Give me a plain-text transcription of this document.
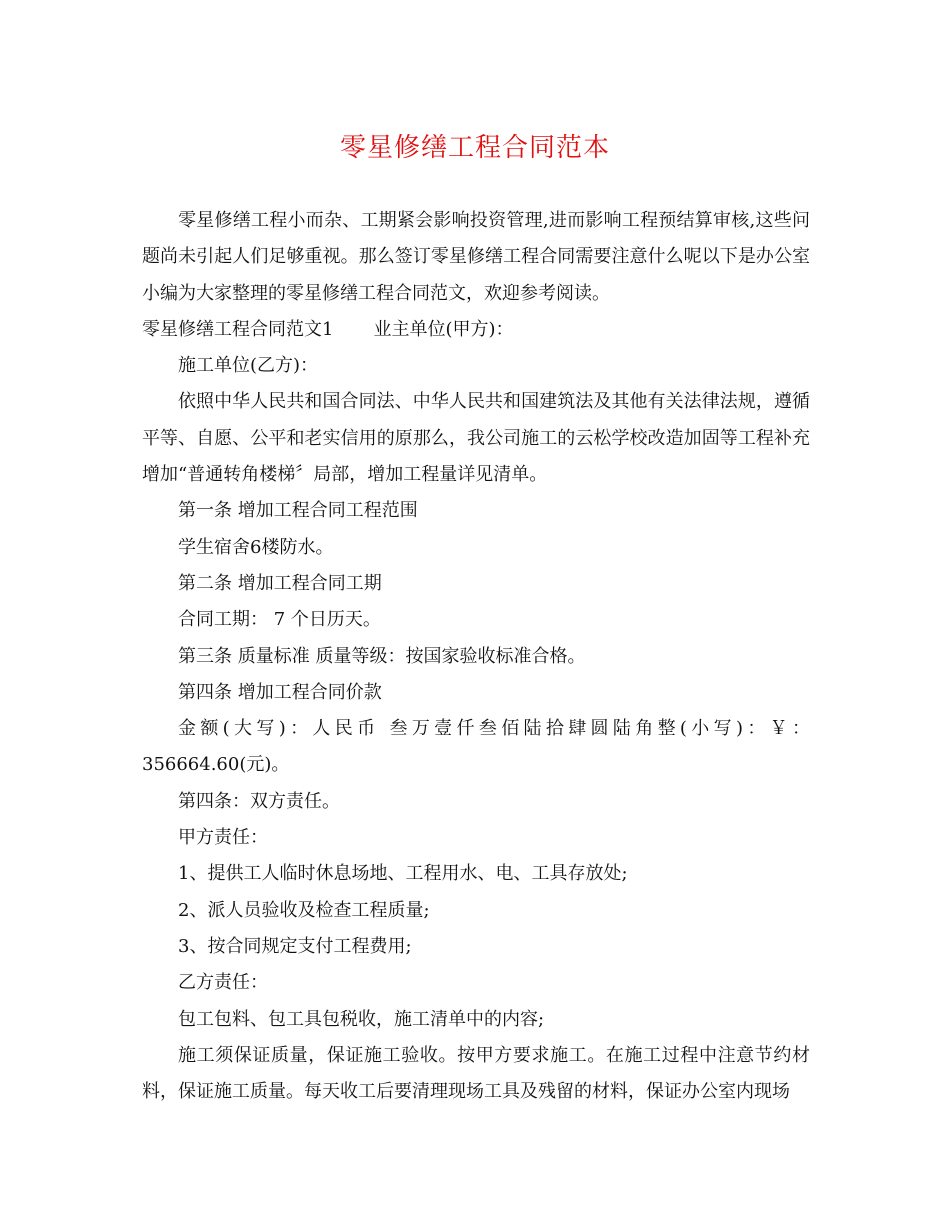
零星修缮工程合同范本

零星修缮工程小而杂、工期紧会影响投资管理,进而影响工程预结算审核,这些问题尚未引起人们足够重视。那么签订零星修缮工程合同需要注意什么呢以下是办公室小编为大家整理的零星修缮工程合同范文，欢迎参考阅读。

零星修缮工程合同范文1 业主单位(甲方)：

施工单位(乙方)：

依照中华人民共和国合同法、中华人民共和国建筑法及其他有关法律法规，遵循平等、自愿、公平和老实信用的原那么，我公司施工的云松学校改造加固等工程补充增加“普通转角楼梯〞局部，增加工程量详见清单。

第一条 增加工程合同工程范围

学生宿舍6楼防水。

第二条 增加工程合同工期

合同工期： 7 个日历天。

第三条 质量标准 质量等级：按国家验收标准合格。

第四条 增加工程合同价款

金额(大写)：人民币 叁万壹仟叁佰陆拾肆圆陆角整(小写)：￥：356664.60(元)。

第四条：双方责任。

甲方责任：

1、提供工人临时休息场地、工程用水、电、工具存放处;

2、派人员验收及检查工程质量;

3、按合同规定支付工程费用;

乙方责任：

包工包料、包工具包税收，施工清单中的内容;

施工须保证质量，保证施工验收。按甲方要求施工。在施工过程中注意节约材料，保证施工质量。每天收工后要清理现场工具及残留的材料，保证办公室内现场
